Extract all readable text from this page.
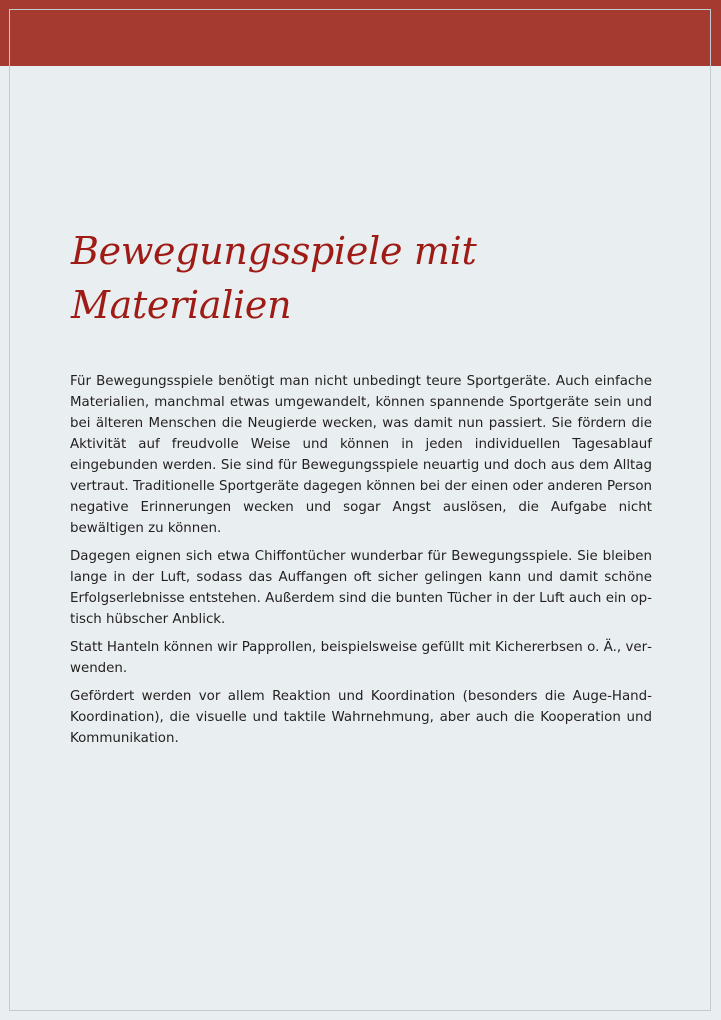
Bewegungsspiele mit Materialien

Für Bewegungsspiele benötigt man nicht unbedingt teure Sportgeräte. Auch einfache Materialien, manchmal etwas umgewandelt, können spannende Sportgeräte sein und bei älteren Menschen die Neugierde wecken, was damit nun passiert. Sie fördern die Aktivität auf freudvolle Weise und können in jeden individuellen Tagesablauf eingebunden werden. Sie sind für Bewegungsspiele neuartig und doch aus dem Alltag vertraut. Traditionelle Sportgeräte dagegen können bei der einen oder anderen Person negative Erinnerungen wecken und sogar Angst auslösen, die Aufgabe nicht bewältigen zu können.

Dagegen eignen sich etwa Chiffontücher wunderbar für Bewegungsspiele. Sie bleiben lange in der Luft, sodass das Auffangen oft sicher gelingen kann und damit schöne Erfolgserlebnisse entstehen. Außerdem sind die bunten Tücher in der Luft auch ein optisch hübscher Anblick.

Statt Hanteln können wir Papprollen, beispielsweise gefüllt mit Kichererbsen o. Ä., verwenden.

Gefördert werden vor allem Reaktion und Koordination (besonders die Auge-Hand-Koordination), die visuelle und taktile Wahrnehmung, aber auch die Kooperation und Kommunikation.
